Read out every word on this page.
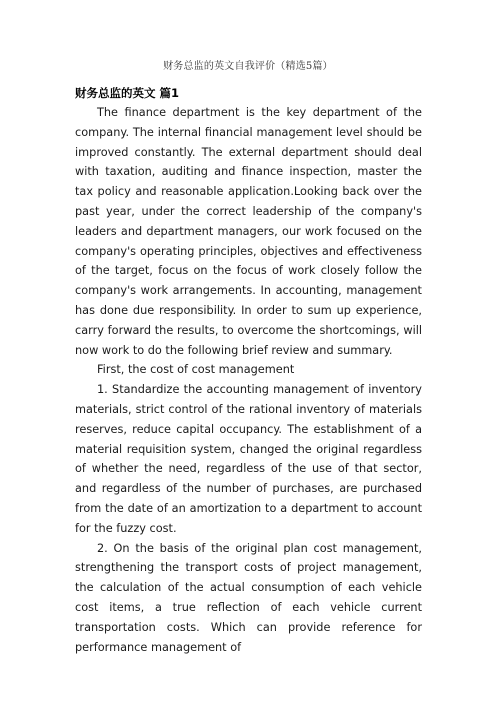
财务总监的英文自我评价（精选5篇）
财务总监的英文 篇1

The finance department is the key department of the company. The internal financial management level should be improved constantly. The external department should deal with taxation, auditing and finance inspection, master the tax policy and reasonable application.Looking back over the past year, under the correct leadership of the company's leaders and department managers, our work focused on the company's operating principles, objectives and effectiveness of the target, focus on the focus of work closely follow the company's work arrangements. In accounting, management has done due responsibility. In order to sum up experience, carry forward the results, to overcome the shortcomings, will now work to do the following brief review and summary.

First, the cost of cost management

1. Standardize the accounting management of inventory materials, strict control of the rational inventory of materials reserves, reduce capital occupancy. The establishment of a material requisition system, changed the original regardless of whether the need, regardless of the use of that sector, and regardless of the number of purchases, are purchased from the date of an amortization to a department to account for the fuzzy cost.

2. On the basis of the original plan cost management, strengthening the transport costs of project management, the calculation of the actual consumption of each vehicle cost items, a true reflection of each vehicle current transportation costs. Which can provide reference for performance management of
